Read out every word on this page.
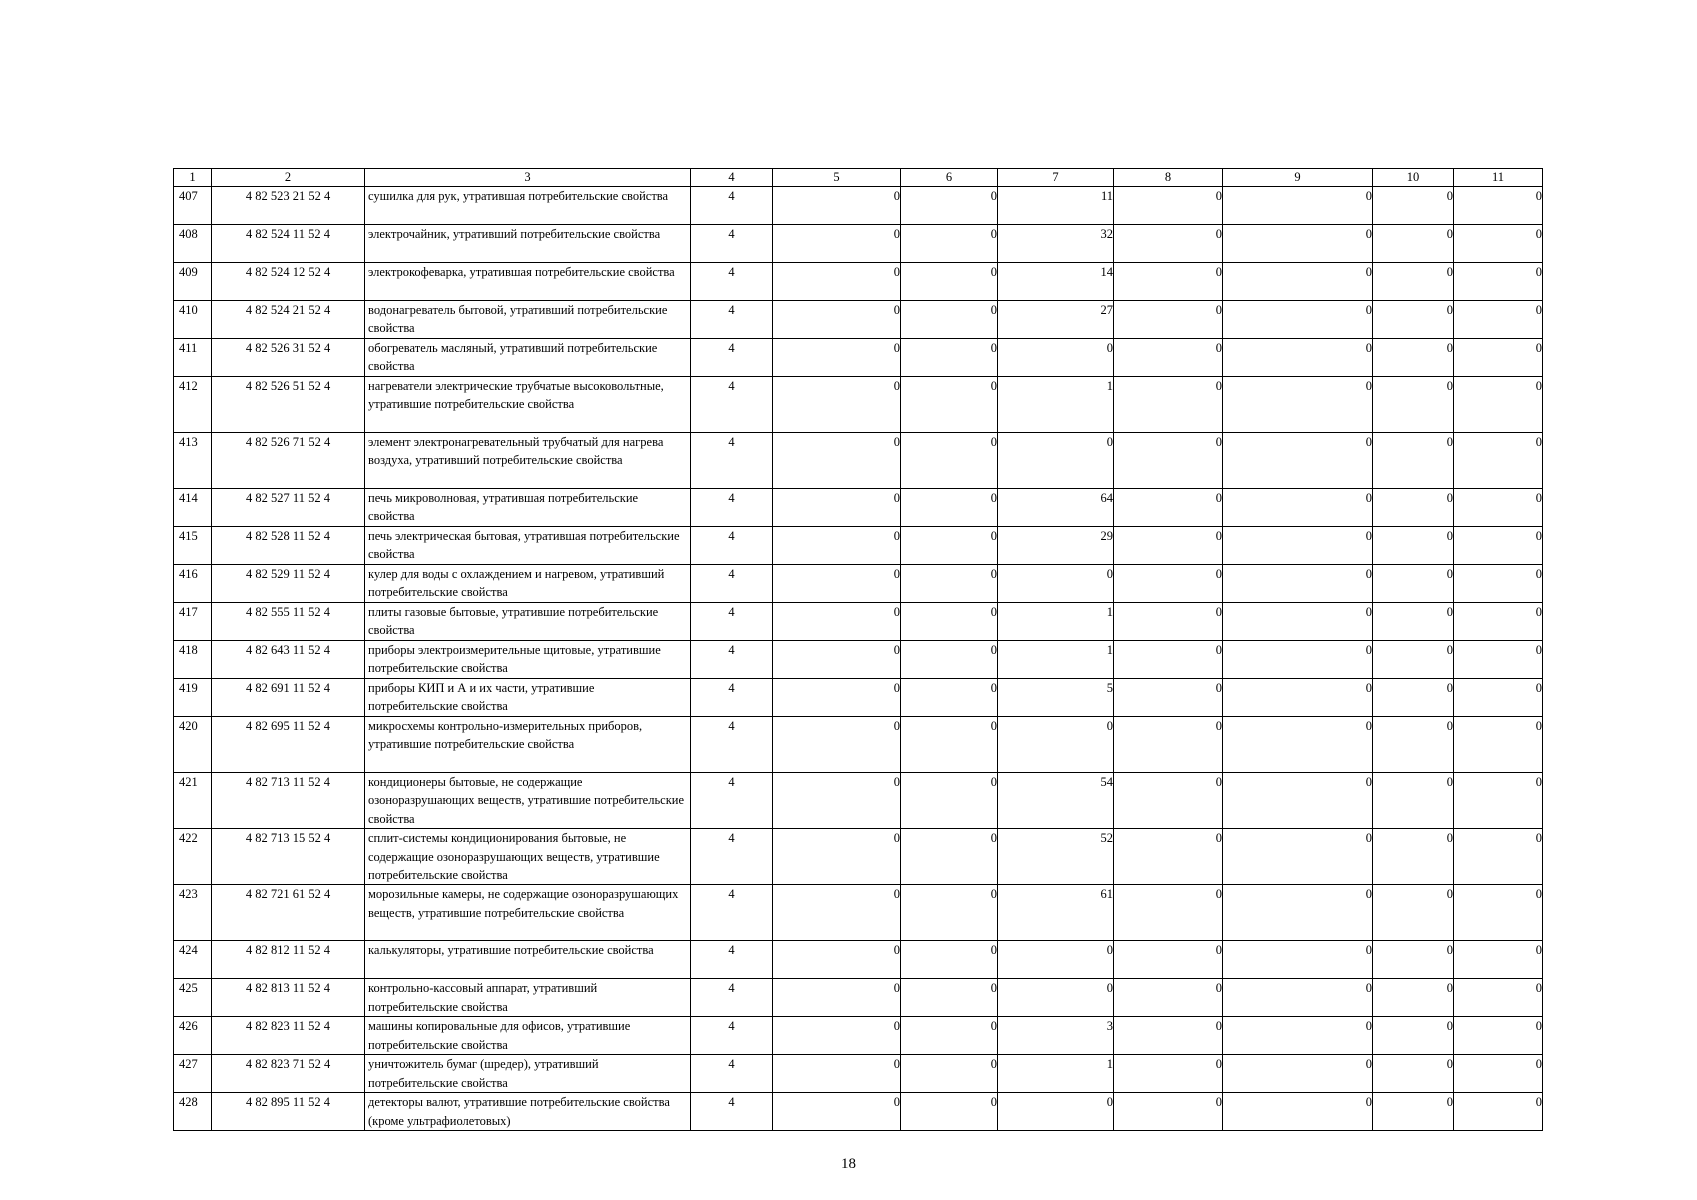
1	2	3	4	5	6	7	8	9	10	11
407	4 82 523 21 52 4	сушилка для рук, утратившая потребительские свойства	4	0	0	11	0	0	0	0
408	4 82 524 11 52 4	электрочайник, утративший потребительские свойства	4	0	0	32	0	0	0	0
409	4 82 524 12 52 4	электрокофеварка, утратившая потребительские свойства	4	0	0	14	0	0	0	0
410	4 82 524 21 52 4	водонагреватель бытовой, утративший потребительские свойства	4	0	0	27	0	0	0	0
411	4 82 526 31 52 4	обогреватель масляный, утративший потребительские свойства	4	0	0	0	0	0	0	0
412	4 82 526 51 52 4	нагреватели электрические трубчатые высоковольтные, утратившие потребительские свойства	4	0	0	1	0	0	0	0
413	4 82 526 71 52 4	элемент электронагревательный трубчатый для нагрева воздуха, утративший потребительские свойства	4	0	0	0	0	0	0	0
414	4 82 527 11 52 4	печь микроволновая, утратившая потребительские свойства	4	0	0	64	0	0	0	0
415	4 82 528 11 52 4	печь электрическая бытовая, утратившая потребительские свойства	4	0	0	29	0	0	0	0
416	4 82 529 11 52 4	кулер для воды с охлаждением и нагревом, утративший потребительские свойства	4	0	0	0	0	0	0	0
417	4 82 555 11 52 4	плиты газовые бытовые, утратившие потребительские свойства	4	0	0	1	0	0	0	0
418	4 82 643 11 52 4	приборы электроизмерительные щитовые, утратившие потребительские свойства	4	0	0	1	0	0	0	0
419	4 82 691 11 52 4	приборы КИП и А и их части, утратившие потребительские свойства	4	0	0	5	0	0	0	0
420	4 82 695 11 52 4	микросхемы контрольно-измерительных приборов, утратившие потребительские свойства	4	0	0	0	0	0	0	0
421	4 82 713 11 52 4	кондиционеры бытовые, не содержащие озоноразрушающих веществ, утратившие потребительские свойства	4	0	0	54	0	0	0	0
422	4 82 713 15 52 4	сплит-системы кондиционирования бытовые, не содержащие озоноразрушающих веществ, утратившие потребительские свойства	4	0	0	52	0	0	0	0
423	4 82 721 61 52 4	морозильные камеры, не содержащие озоноразрушающих веществ, утратившие потребительские свойства	4	0	0	61	0	0	0	0
424	4 82 812 11 52 4	калькуляторы, утратившие потребительские свойства	4	0	0	0	0	0	0	0
425	4 82 813 11 52 4	контрольно-кассовый аппарат, утративший потребительские свойства	4	0	0	0	0	0	0	0
426	4 82 823 11 52 4	машины копировальные для офисов, утратившие потребительские свойства	4	0	0	3	0	0	0	0
427	4 82 823 71 52 4	уничтожитель бумаг (шредер), утративший потребительские свойства	4	0	0	1	0	0	0	0
428	4 82 895 11 52 4	детекторы валют, утратившие потребительские свойства (кроме ультрафиолетовых)	4	0	0	0	0	0	0	0
18
